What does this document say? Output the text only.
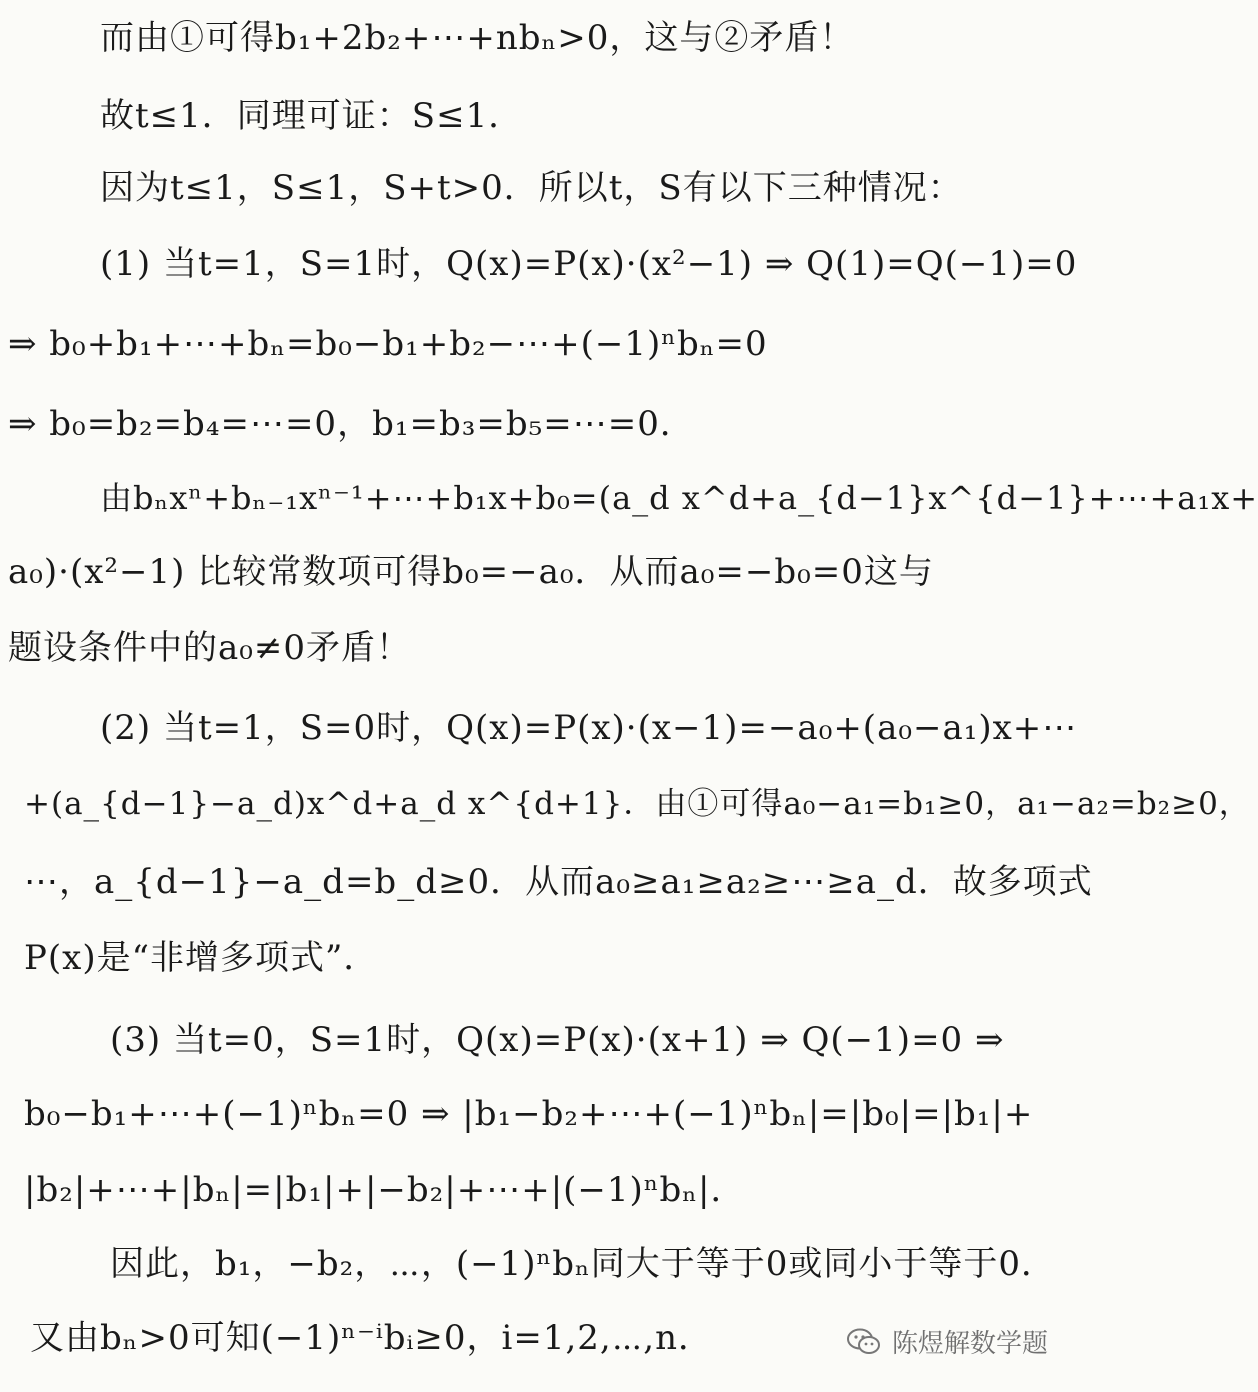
而由①可得b₁+2b₂+⋯+nbₙ>0，这与②矛盾！
故t≤1．同理可证：S≤1．
因为t≤1，S≤1，S+t>0．所以t，S有以下三种情况：
(1) 当t=1，S=1时，Q(x)=P(x)·(x²−1) ⇒ Q(1)=Q(−1)=0
⇒ b₀+b₁+⋯+bₙ=b₀−b₁+b₂−⋯+(−1)ⁿbₙ=0
⇒ b₀=b₂=b₄=⋯=0，b₁=b₃=b₅=⋯=0．
由bₙxⁿ+bₙ₋₁xⁿ⁻¹+⋯+b₁x+b₀=(a_d x^d+a_{d−1}x^{d−1}+⋯+a₁x+
a₀)·(x²−1) 比较常数项可得b₀=−a₀．从而a₀=−b₀=0这与
题设条件中的a₀≠0矛盾！
(2) 当t=1，S=0时，Q(x)=P(x)·(x−1)=−a₀+(a₀−a₁)x+⋯
+(a_{d−1}−a_d)x^d+a_d x^{d+1}．由①可得a₀−a₁=b₁≥0，a₁−a₂=b₂≥0，
⋯，a_{d−1}−a_d=b_d≥0．从而a₀≥a₁≥a₂≥⋯≥a_d．故多项式
P(x)是“非增多项式”．
(3) 当t=0，S=1时，Q(x)=P(x)·(x+1) ⇒ Q(−1)=0 ⇒
b₀−b₁+⋯+(−1)ⁿbₙ=0 ⇒ |b₁−b₂+⋯+(−1)ⁿbₙ|=|b₀|=|b₁|+
|b₂|+⋯+|bₙ|=|b₁|+|−b₂|+⋯+|(−1)ⁿbₙ|．
因此，b₁，−b₂，⋯，(−1)ⁿbₙ同大于等于0或同小于等于0．
又由bₙ>0可知(−1)ⁿ⁻ⁱbᵢ≥0，i=1,2,⋯,n．	陈煜解数学题
